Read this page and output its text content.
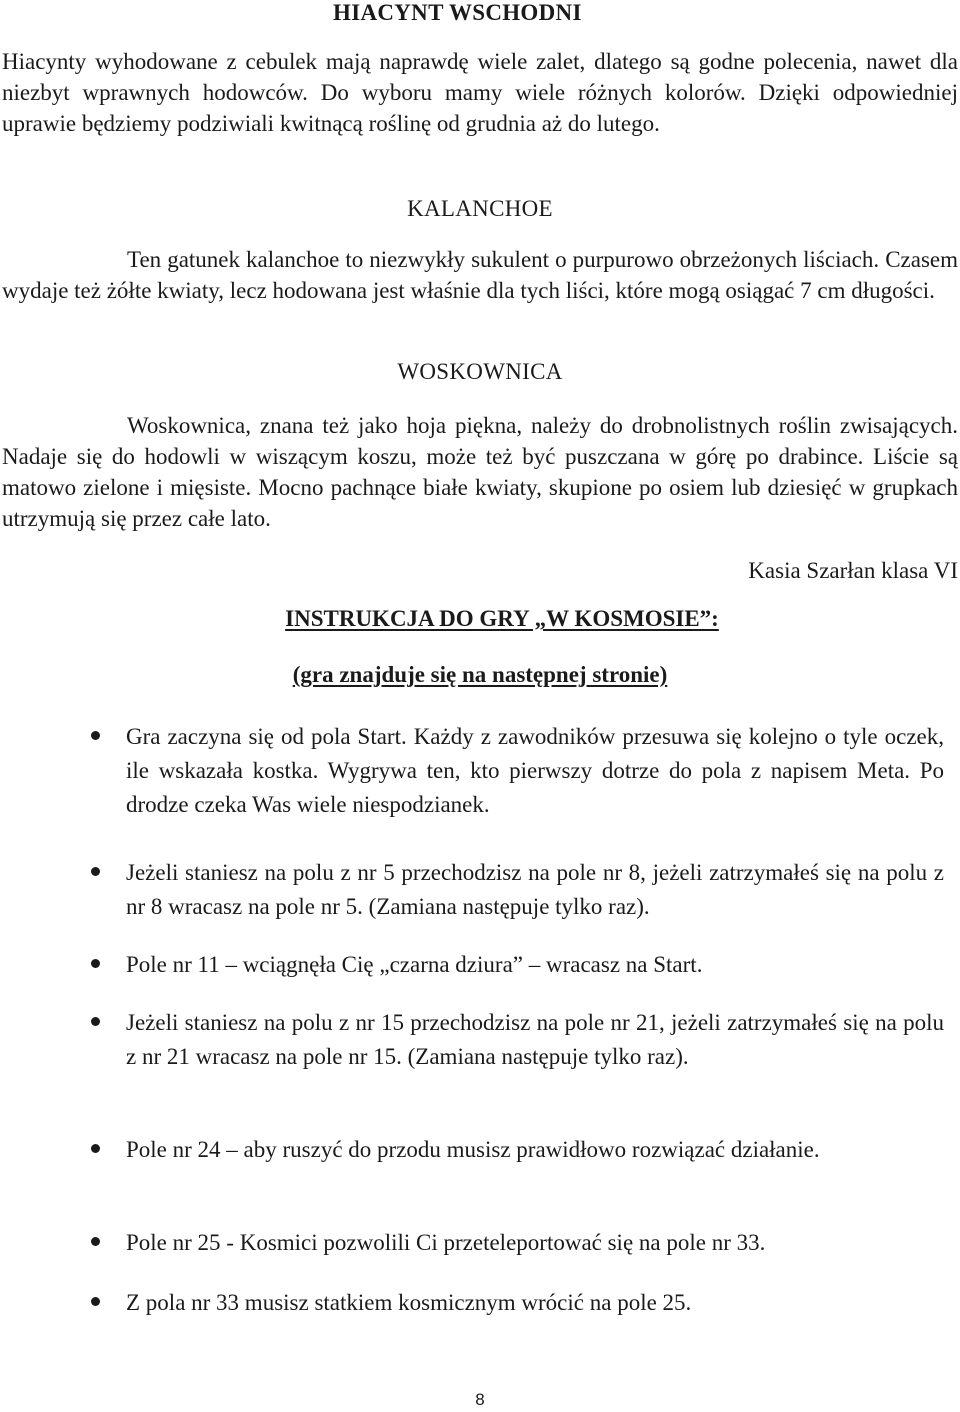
HIACYNT WSCHODNI

Hiacynty wyhodowane z cebulek mają naprawdę wiele zalet, dlatego są godne polecenia, nawet dla niezbyt wprawnych hodowców. Do wyboru mamy wiele różnych kolorów. Dzięki odpowiedniej uprawie będziemy podziwiali kwitnącą roślinę od grudnia aż do lutego.

KALANCHOE

Ten gatunek kalanchoe to niezwykły sukulent o purpurowo obrzeżonych liściach. Czasem wydaje też żółte kwiaty, lecz hodowana jest właśnie dla tych liści, które mogą osiągać 7 cm długości.

WOSKOWNICA

Woskownica, znana też jako hoja piękna, należy do drobnolistnych roślin zwisających. Nadaje się do hodowli w wiszącym koszu, może też być puszczana w górę po drabince. Liście są matowo zielone i mięsiste. Mocno pachnące białe kwiaty, skupione po osiem lub dziesięć w grupkach utrzymują się przez całe lato.

Kasia Szarłan klasa VI
INSTRUKCJA DO GRY „W KOSMOSIE”:
(gra znajduje się na następnej stronie)
Gra zaczyna się od pola Start. Każdy z zawodników przesuwa się kolejno o tyle oczek, ile wskazała kostka. Wygrywa ten, kto pierwszy dotrze do pola z napisem Meta. Po drodze czeka Was wiele niespodzianek.
Jeżeli staniesz na polu z nr 5 przechodzisz na pole nr 8, jeżeli zatrzymałeś się na polu z nr 8 wracasz na pole nr 5. (Zamiana następuje tylko raz).
Pole nr 11 – wciągnęła Cię „czarna dziura” – wracasz na Start.
Jeżeli staniesz na polu z nr 15 przechodzisz na pole nr 21, jeżeli zatrzymałeś się na polu z nr 21 wracasz na pole nr 15. (Zamiana następuje tylko raz).
Pole nr 24 – aby ruszyć do przodu musisz prawidłowo rozwiązać działanie.
Pole nr 25 - Kosmici pozwolili Ci przeteleportować się na pole nr 33.
Z pola nr 33 musisz statkiem kosmicznym wrócić na pole 25.
8
